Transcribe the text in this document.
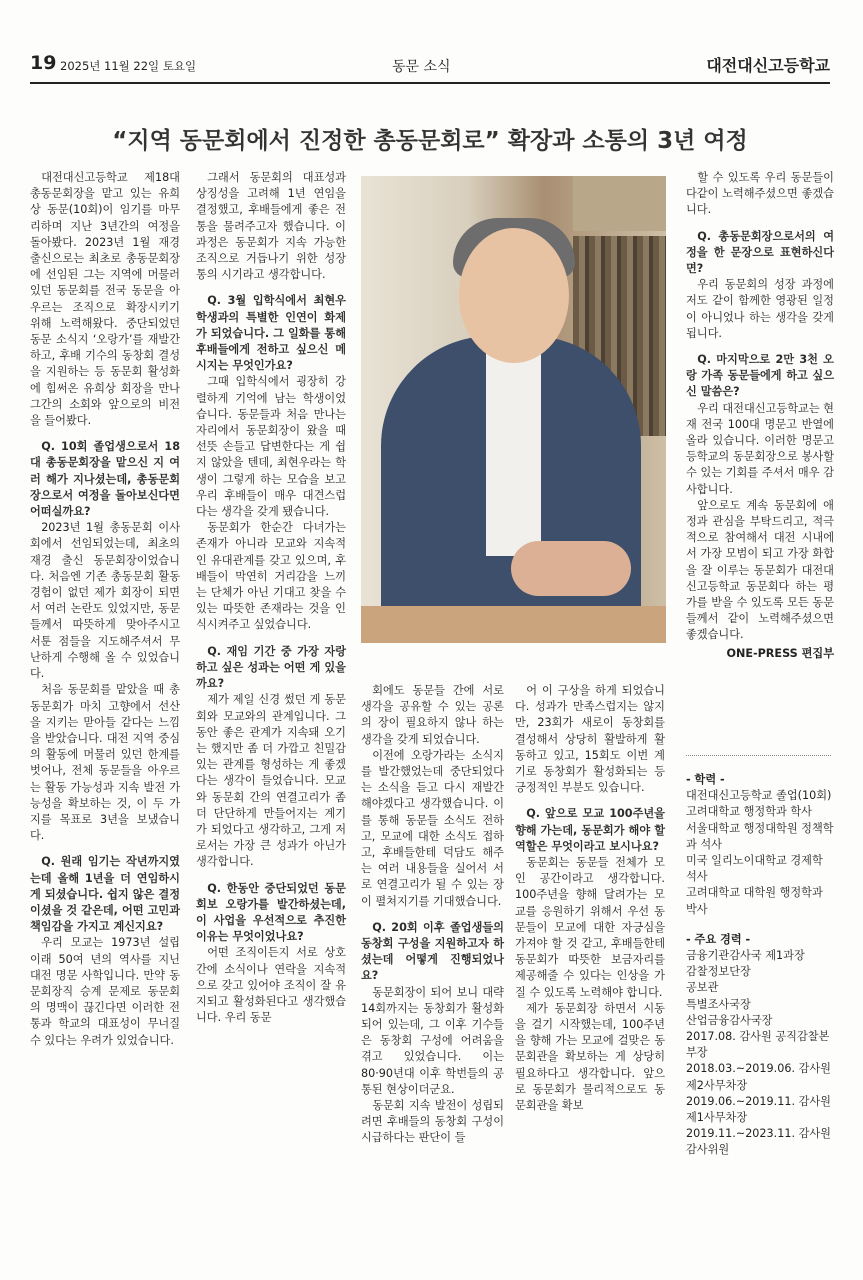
19 2025년 11월 22일 토요일	동문 소식	대전대신고등학교
“지역 동문회에서 진정한 총동문회로” 확장과 소통의 3년 여정

대전대신고등학교 제18대 총동문회장을 맡고 있는 유희상 동문(10회)이 임기를 마무리하며 지난 3년간의 여정을 돌아봤다. 2023년 1월 재경 출신으로는 최초로 총동문회장에 선임된 그는 지역에 머물러 있던 동문회를 전국 동문을 아우르는 조직으로 확장시키기 위해 노력해왔다. 중단되었던 동문 소식지 ‘오랑가’를 재발간하고, 후배 기수의 동창회 결성을 지원하는 등 동문회 활성화에 힘써온 유희상 회장을 만나 그간의 소회와 앞으로의 비전을 들어봤다.

Q. 10회 졸업생으로서 18대 총동문회장을 맡으신 지 여러 해가 지나셨는데, 총동문회장으로서 여정을 돌아보신다면 어떠실까요?

2023년 1월 총동문회 이사회에서 선임되었는데, 최초의 재경 출신 동문회장이었습니다. 처음엔 기존 총동문회 활동 경험이 없던 제가 회장이 되면서 여러 논란도 있었지만, 동문들께서 따뜻하게 맞아주시고 서툰 점들을 지도해주셔서 무난하게 수행해 올 수 있었습니다.

처음 동문회를 맡았을 때 총동문회가 마치 고향에서 선산을 지키는 맏아들 같다는 느낌을 받았습니다. 대전 지역 중심의 활동에 머물러 있던 한계를 벗어나, 전체 동문들을 아우르는 활동 가능성과 지속 발전 가능성을 확보하는 것, 이 두 가지를 목표로 3년을 보냈습니다.

Q. 원래 임기는 작년까지였는데 올해 1년을 더 연임하시게 되셨습니다. 쉽지 않은 결정이셨을 것 같은데, 어떤 고민과 책임감을 가지고 계신지요?

우리 모교는 1973년 설립 이래 50여 년의 역사를 지닌 대전 명문 사학입니다. 만약 동문회장직 승계 문제로 동문회의 명맥이 끊긴다면 이러한 전통과 학교의 대표성이 무너질 수 있다는 우려가 있었습니다.

그래서 동문회의 대표성과 상징성을 고려해 1년 연임을 결정했고, 후배들에게 좋은 전통을 물려주고자 했습니다. 이 과정은 동문회가 지속 가능한 조직으로 거듭나기 위한 성장통의 시기라고 생각합니다.

Q. 3월 입학식에서 최현우 학생과의 특별한 인연이 화제가 되었습니다. 그 일화를 통해 후배들에게 전하고 싶으신 메시지는 무엇인가요?

그때 입학식에서 굉장히 강렬하게 기억에 남는 학생이었습니다. 동문들과 처음 만나는 자리에서 동문회장이 왔을 때 선뜻 손들고 답변한다는 게 쉽지 않았을 텐데, 최현우라는 학생이 그렇게 하는 모습을 보고 우리 후배들이 매우 대견스럽다는 생각을 갖게 됐습니다.

동문회가 한순간 다녀가는 존재가 아니라 모교와 지속적인 유대관계를 갖고 있으며, 후배들이 막연히 거리감을 느끼는 단체가 아닌 기대고 찾을 수 있는 따뜻한 존재라는 것을 인식시켜주고 싶었습니다.

Q. 재임 기간 중 가장 자랑하고 싶은 성과는 어떤 게 있을까요?

제가 제일 신경 썼던 게 동문회와 모교와의 관계입니다. 그동안 좋은 관계가 지속돼 오기는 했지만 좀 더 가깝고 친밀감 있는 관계를 형성하는 게 좋겠다는 생각이 들었습니다. 모교와 동문회 간의 연결고리가 좀 더 단단하게 만들어지는 계기가 되었다고 생각하고, 그게 저로서는 가장 큰 성과가 아닌가 생각합니다.

Q. 한동안 중단되었던 동문회보 오랑가를 발간하셨는데, 이 사업을 우선적으로 추진한 이유는 무엇이었나요?

어떤 조직이든지 서로 상호 간에 소식이나 연락을 지속적으로 갖고 있어야 조직이 잘 유지되고 활성화된다고 생각했습니다. 우리 동문

회에도 동문들 간에 서로 생각을 공유할 수 있는 공론의 장이 필요하지 않나 하는 생각을 갖게 되었습니다.

이전에 오랑가라는 소식지를 발간했었는데 중단되었다는 소식을 듣고 다시 재발간해야겠다고 생각했습니다. 이를 통해 동문들 소식도 전하고, 모교에 대한 소식도 접하고, 후배들한테 덕담도 해주는 여러 내용들을 실어서 서로 연결고리가 될 수 있는 장이 펼쳐지기를 기대했습니다.

Q. 20회 이후 졸업생들의 동창회 구성을 지원하고자 하셨는데 어떻게 진행되었나요?

동문회장이 되어 보니 대략 14회까지는 동창회가 활성화되어 있는데, 그 이후 기수들은 동창회 구성에 어려움을 겪고 있었습니다. 이는 80·90년대 이후 학번들의 공통된 현상이더군요.

동문회 지속 발전이 성립되려면 후배들의 동창회 구성이 시급하다는 판단이 들

어 이 구상을 하게 되었습니다. 성과가 만족스럽지는 않지만, 23회가 새로이 동창회를 결성해서 상당히 활발하게 활동하고 있고, 15회도 이번 계기로 동창회가 활성화되는 등 긍정적인 부분도 있습니다.

Q. 앞으로 모교 100주년을 향해 가는데, 동문회가 해야 할 역할은 무엇이라고 보시나요?

동문회는 동문들 전체가 모인 공간이라고 생각합니다. 100주년을 향해 달려가는 모교를 응원하기 위해서 우선 동문들이 모교에 대한 자긍심을 가져야 할 것 같고, 후배들한테 동문회가 따뜻한 보금자리를 제공해줄 수 있다는 인상을 가질 수 있도록 노력해야 합니다.

제가 동문회장 하면서 시동을 걸기 시작했는데, 100주년을 향해 가는 모교에 걸맞은 동문회관을 확보하는 게 상당히 필요하다고 생각합니다. 앞으로 동문회가 물리적으로도 동문회관을 확보

할 수 있도록 우리 동문들이 다같이 노력해주셨으면 좋겠습니다.

Q. 총동문회장으로서의 여정을 한 문장으로 표현하신다면?

우리 동문회의 성장 과정에 저도 같이 함께한 영광된 일정이 아니었나 하는 생각을 갖게 됩니다.

Q. 마지막으로 2만 3천 오랑 가족 동문들에게 하고 싶으신 말씀은?

우리 대전대신고등학교는 현재 전국 100대 명문고 반열에 올라 있습니다. 이러한 명문고등학교의 동문회장으로 봉사할 수 있는 기회를 주셔서 매우 감사합니다.

앞으로도 계속 동문회에 애정과 관심을 부탁드리고, 적극적으로 참여해서 대전 시내에서 가장 모범이 되고 가장 화합을 잘 이루는 동문회가 대전대신고등학교 동문회다 하는 평가를 받을 수 있도록 모든 동문들께서 같이 노력해주셨으면 좋겠습니다.

ONE-PRESS 편집부

- 학력 -
대전대신고등학교 졸업(10회)
고려대학교 행정학과 학사
서울대학교 행정대학원 정책학과 석사
미국 일리노이대학교 경제학 석사
고려대학교 대학원 행정학과 박사
- 주요 경력 -
금융기관감사국 제1과장
감찰정보단장
공보관
특별조사국장
산업금융감사국장
2017.08. 감사원 공직감찰본부장
2018.03.~2019.06. 감사원 제2사무차장
2019.06.~2019.11. 감사원 제1사무차장
2019.11.~2023.11. 감사원 감사위원
